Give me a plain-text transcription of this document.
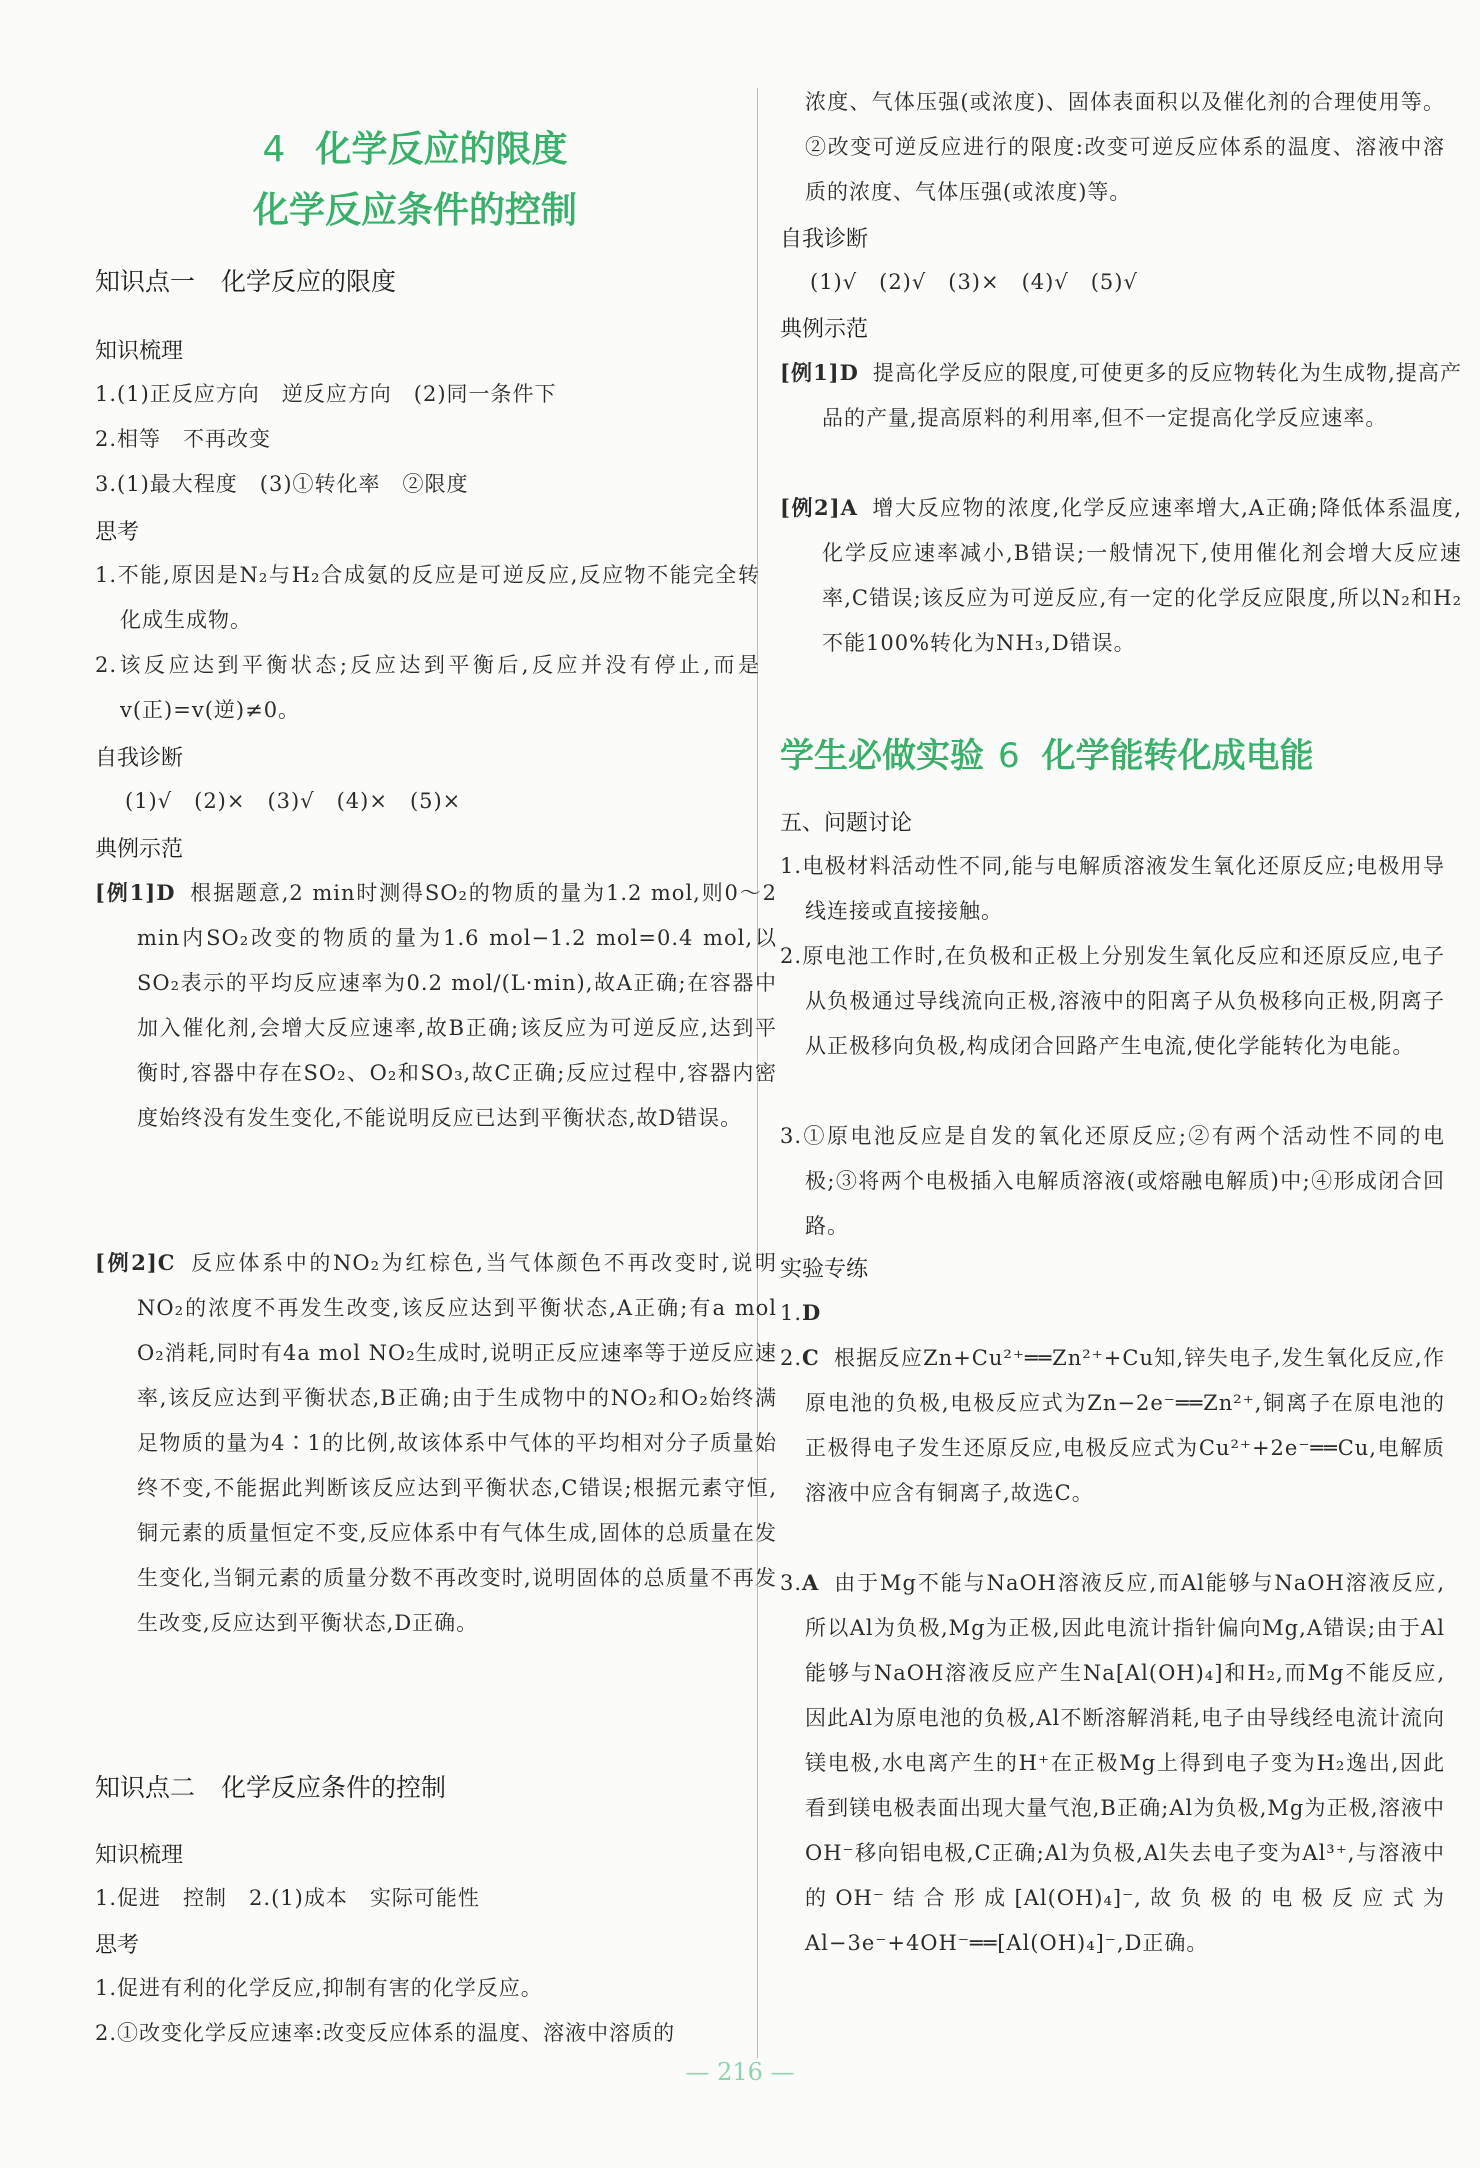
4 化学反应的限度
化学反应条件的控制
知识点一 化学反应的限度
知识梳理
1.(1)正反应方向　逆反应方向　(2)同一条件下
2.相等　不再改变
3.(1)最大程度　(3)①转化率　②限度
思考
1.不能,原因是N₂与H₂合成氨的反应是可逆反应,反应物不能完全转化成生成物。
2.该反应达到平衡状态;反应达到平衡后,反应并没有停止,而是v(正)=v(逆)≠0。
自我诊断
(1)√　(2)×　(3)√　(4)×　(5)×
典例示范
[例1]D 根据题意,2 min时测得SO₂的物质的量为1.2 mol,则0～2 min内SO₂改变的物质的量为1.6 mol−1.2 mol=0.4 mol,以SO₂表示的平均反应速率为0.2 mol/(L·min),故A正确;在容器中加入催化剂,会增大反应速率,故B正确;该反应为可逆反应,达到平衡时,容器中存在SO₂、O₂和SO₃,故C正确;反应过程中,容器内密度始终没有发生变化,不能说明反应已达到平衡状态,故D错误。
[例2]C 反应体系中的NO₂为红棕色,当气体颜色不再改变时,说明NO₂的浓度不再发生改变,该反应达到平衡状态,A正确;有a mol O₂消耗,同时有4a mol NO₂生成时,说明正反应速率等于逆反应速率,该反应达到平衡状态,B正确;由于生成物中的NO₂和O₂始终满足物质的量为4∶1的比例,故该体系中气体的平均相对分子质量始终不变,不能据此判断该反应达到平衡状态,C错误;根据元素守恒,铜元素的质量恒定不变,反应体系中有气体生成,固体的总质量在发生变化,当铜元素的质量分数不再改变时,说明固体的总质量不再发生改变,反应达到平衡状态,D正确。
知识点二 化学反应条件的控制
知识梳理
1.促进　控制　2.(1)成本　实际可能性
思考
1.促进有利的化学反应,抑制有害的化学反应。
2.①改变化学反应速率:改变反应体系的温度、溶液中溶质的
浓度、气体压强(或浓度)、固体表面积以及催化剂的合理使用等。②改变可逆反应进行的限度:改变可逆反应体系的温度、溶液中溶质的浓度、气体压强(或浓度)等。
自我诊断
(1)√　(2)√　(3)×　(4)√　(5)√
典例示范
[例1]D 提高化学反应的限度,可使更多的反应物转化为生成物,提高产品的产量,提高原料的利用率,但不一定提高化学反应速率。
[例2]A 增大反应物的浓度,化学反应速率增大,A正确;降低体系温度,化学反应速率减小,B错误;一般情况下,使用催化剂会增大反应速率,C错误;该反应为可逆反应,有一定的化学反应限度,所以N₂和H₂不能100%转化为NH₃,D错误。
学生必做实验 6 化学能转化成电能
五、问题讨论
1.电极材料活动性不同,能与电解质溶液发生氧化还原反应;电极用导线连接或直接接触。
2.原电池工作时,在负极和正极上分别发生氧化反应和还原反应,电子从负极通过导线流向正极,溶液中的阳离子从负极移向正极,阴离子从正极移向负极,构成闭合回路产生电流,使化学能转化为电能。
3.①原电池反应是自发的氧化还原反应;②有两个活动性不同的电极;③将两个电极插入电解质溶液(或熔融电解质)中;④形成闭合回路。
实验专练
1.D
2.C 根据反应Zn+Cu²⁺══Zn²⁺+Cu知,锌失电子,发生氧化反应,作原电池的负极,电极反应式为Zn−2e⁻══Zn²⁺,铜离子在原电池的正极得电子发生还原反应,电极反应式为Cu²⁺+2e⁻══Cu,电解质溶液中应含有铜离子,故选C。
3.A 由于Mg不能与NaOH溶液反应,而Al能够与NaOH溶液反应,所以Al为负极,Mg为正极,因此电流计指针偏向Mg,A错误;由于Al能够与NaOH溶液反应产生Na[Al(OH)₄]和H₂,而Mg不能反应,因此Al为原电池的负极,Al不断溶解消耗,电子由导线经电流计流向镁电极,水电离产生的H⁺在正极Mg上得到电子变为H₂逸出,因此看到镁电极表面出现大量气泡,B正确;Al为负极,Mg为正极,溶液中OH⁻移向铝电极,C正确;Al为负极,Al失去电子变为Al³⁺,与溶液中的OH⁻结合形成[Al(OH)₄]⁻,故负极的电极反应式为Al−3e⁻+4OH⁻══[Al(OH)₄]⁻,D正确。
— 216 —
